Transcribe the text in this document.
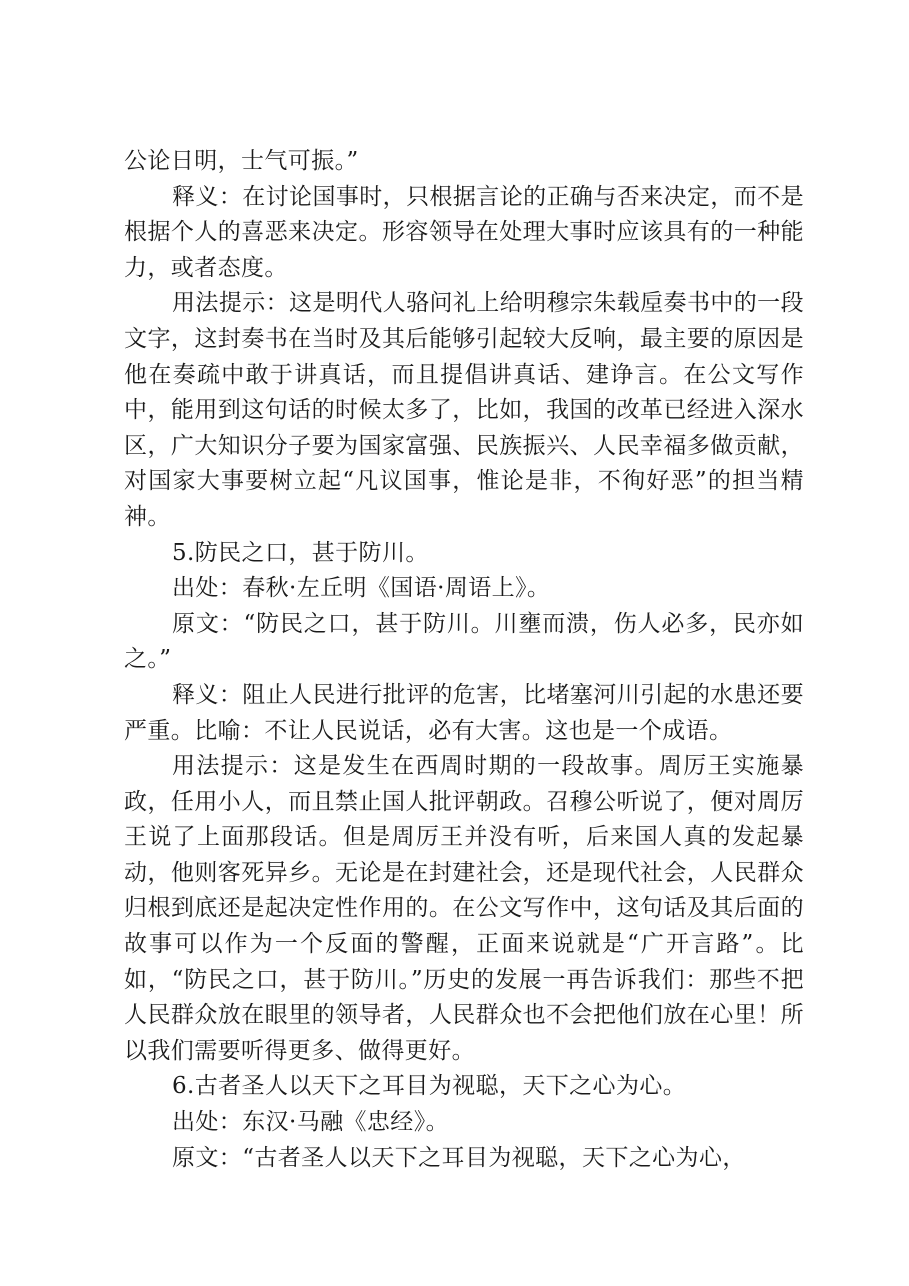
公论日明，士气可振。”

释义：在讨论国事时，只根据言论的正确与否来决定，而不是根据个人的喜恶来决定。形容领导在处理大事时应该具有的一种能力，或者态度。

用法提示：这是明代人骆问礼上给明穆宗朱载垕奏书中的一段文字，这封奏书在当时及其后能够引起较大反响，最主要的原因是他在奏疏中敢于讲真话，而且提倡讲真话、建诤言。在公文写作中，能用到这句话的时候太多了，比如，我国的改革已经进入深水区，广大知识分子要为国家富强、民族振兴、人民幸福多做贡献，对国家大事要树立起“凡议国事，惟论是非，不徇好恶”的担当精神。

5.防民之口，甚于防川。

出处：春秋·左丘明《国语·周语上》。

原文：“防民之口，甚于防川。川壅而溃，伤人必多，民亦如之。”

释义：阻止人民进行批评的危害，比堵塞河川引起的水患还要严重。比喻：不让人民说话，必有大害。这也是一个成语。

用法提示：这是发生在西周时期的一段故事。周厉王实施暴政，任用小人，而且禁止国人批评朝政。召穆公听说了，便对周厉王说了上面那段话。但是周厉王并没有听，后来国人真的发起暴动，他则客死异乡。无论是在封建社会，还是现代社会，人民群众归根到底还是起决定性作用的。在公文写作中，这句话及其后面的故事可以作为一个反面的警醒，正面来说就是“广开言路”。比如，“防民之口，甚于防川。”历史的发展一再告诉我们：那些不把人民群众放在眼里的领导者，人民群众也不会把他们放在心里！所以我们需要听得更多、做得更好。

6.古者圣人以天下之耳目为视聪，天下之心为心。

出处：东汉·马融《忠经》。

原文：“古者圣人以天下之耳目为视聪，天下之心为心，
